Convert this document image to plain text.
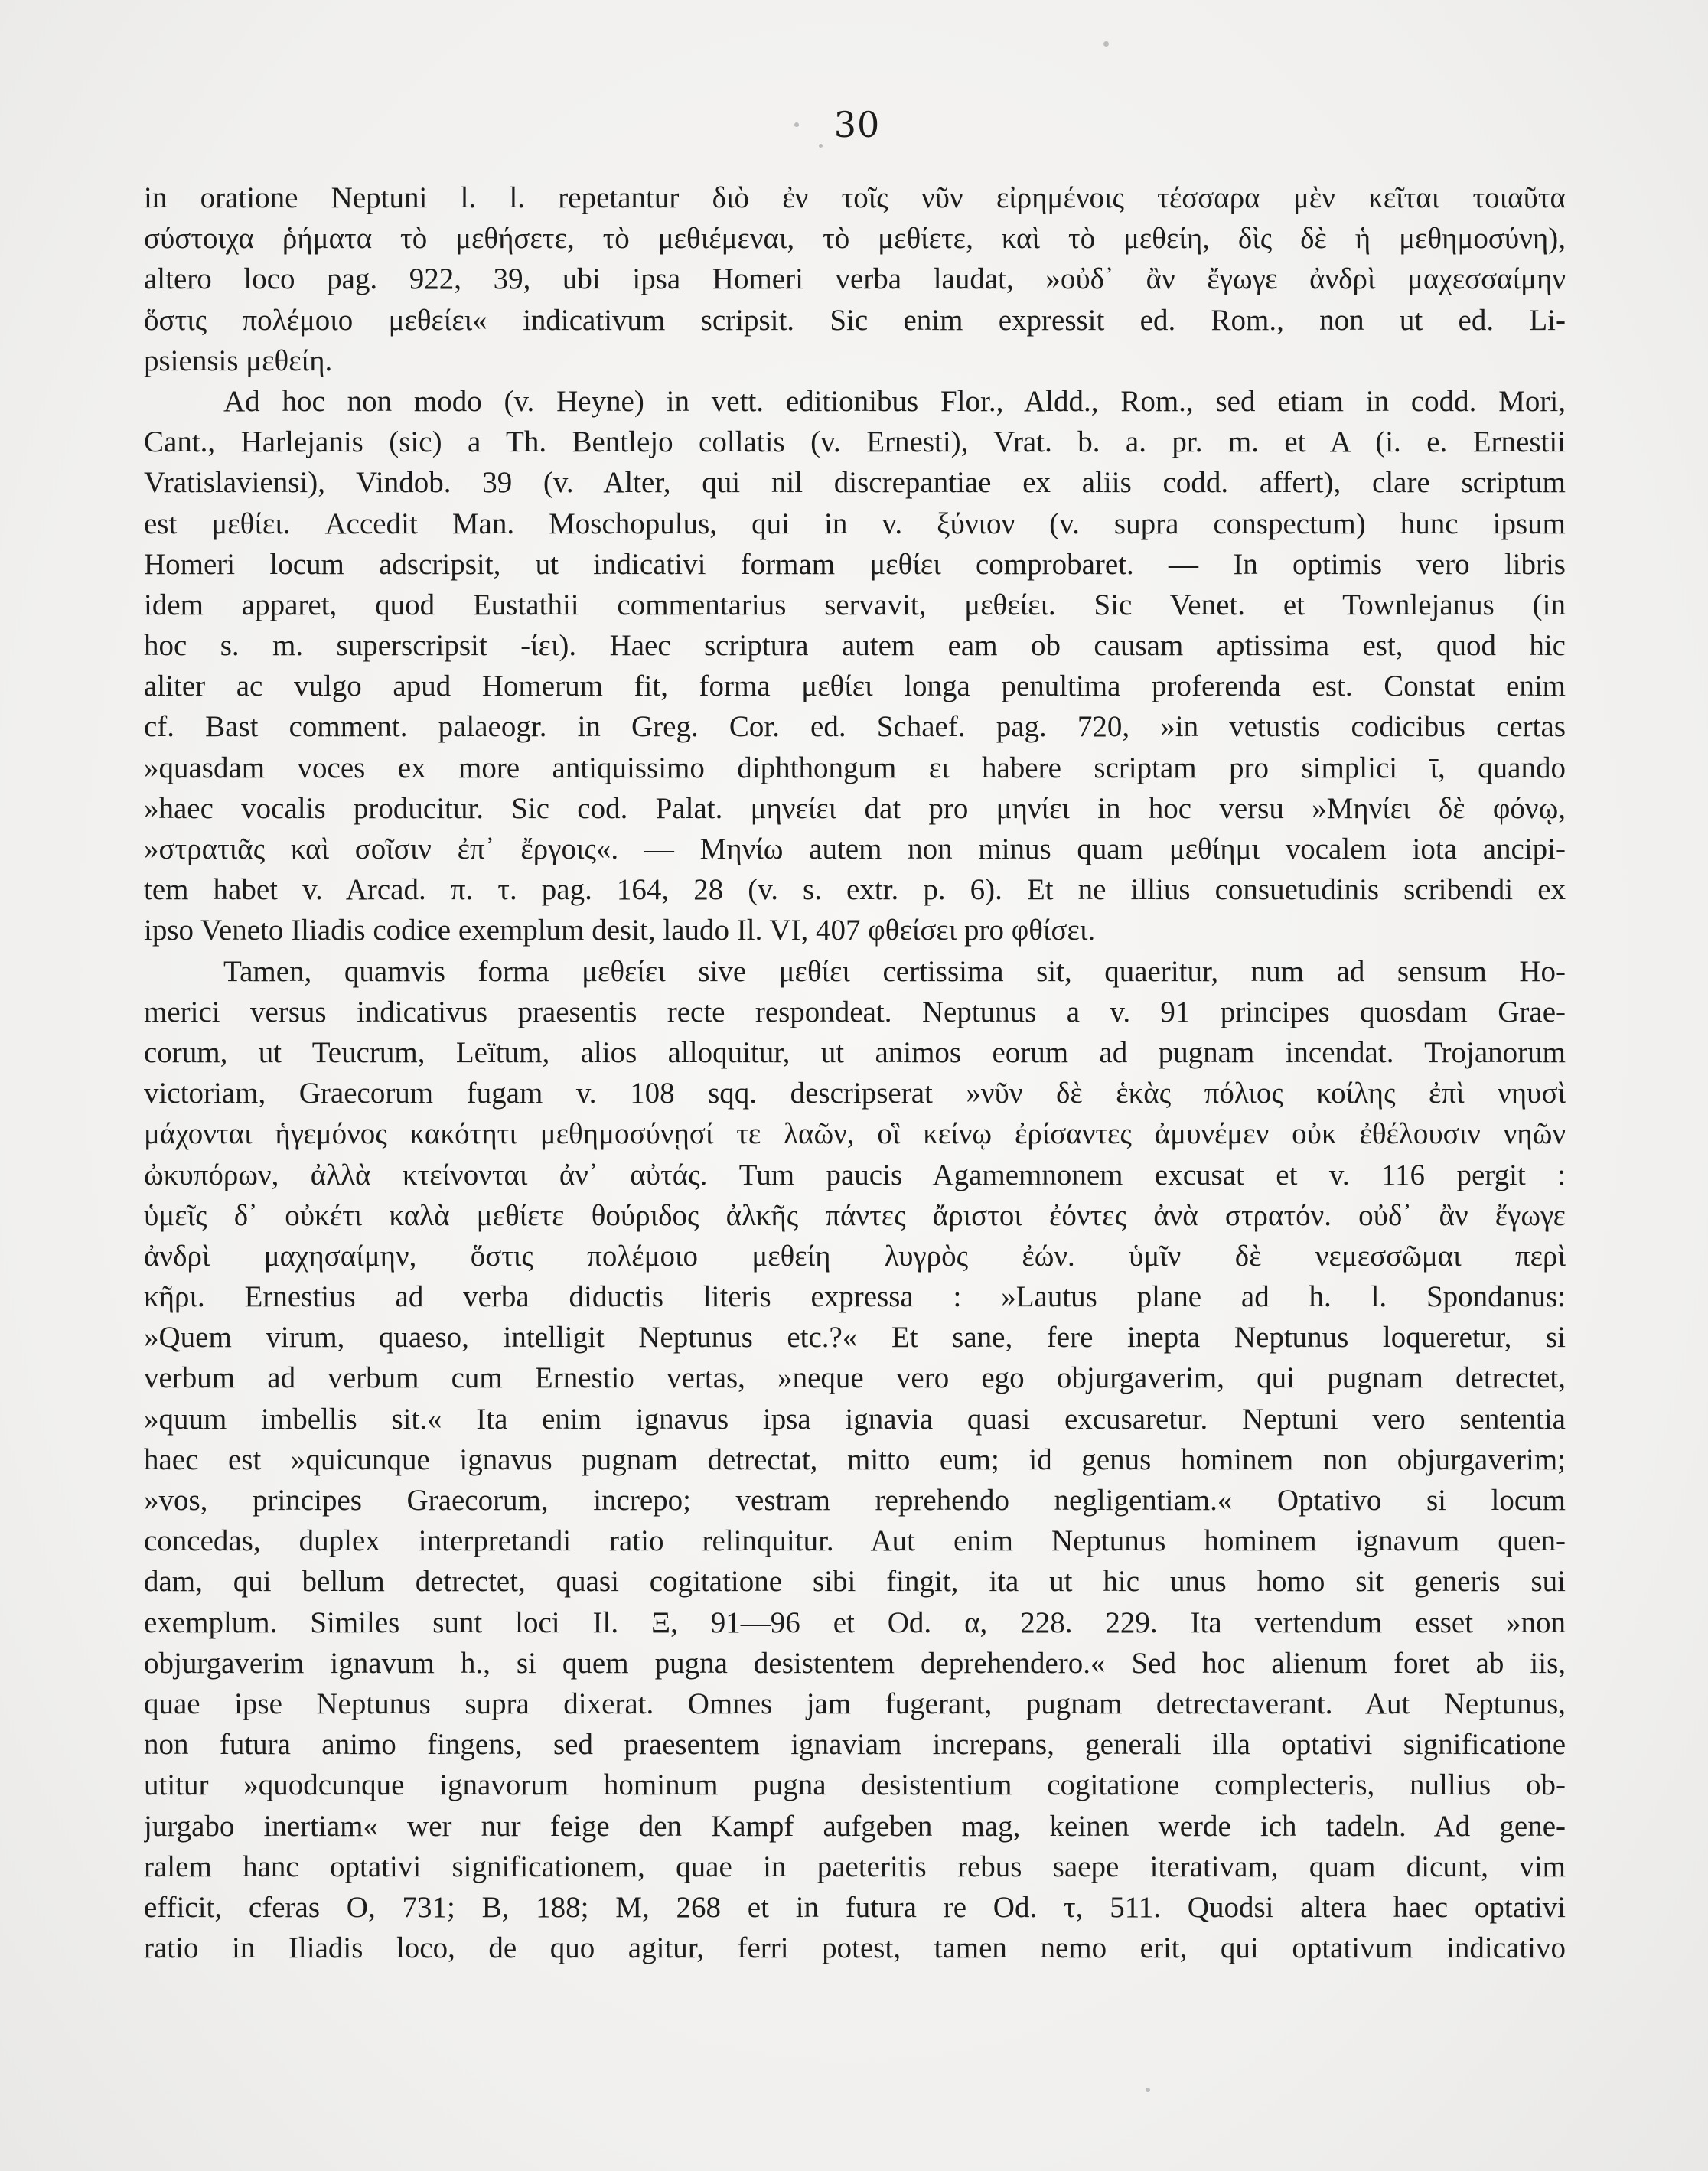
30
in oratione Neptuni l. l. repetantur διὸ ἐν τοῖς νῦν εἰρημένοις τέσσαρα μὲν κεῖται τοιαῦτα
σύστοιχα ῥήματα τὸ μεθήσετε, τὸ μεθιέμεναι, τὸ μεθίετε, καὶ τὸ μεθείη, δὶς δὲ ἡ μεθημοσύνη),
altero loco pag. 922, 39, ubi ipsa Homeri verba laudat, »οὐδ᾽ ἂν ἔγωγε ἀνδρὶ μαχεσσαίμην
ὅστις πολέμοιο μεθείει« indicativum scripsit. Sic enim expressit ed. Rom., non ut ed. Li-
psiensis μεθείη.
Ad hoc non modo (v. Heyne) in vett. editionibus Flor., Aldd., Rom., sed etiam in codd. Mori,
Cant., Harlejanis (sic) a Th. Bentlejo collatis (v. Ernesti), Vrat. b. a. pr. m. et A (i. e. Ernestii
Vratislaviensi), Vindob. 39 (v. Alter, qui nil discrepantiae ex aliis codd. affert), clare scriptum
est μεθίει. Accedit Man. Moschopulus, qui in v. ξύνιον (v. supra conspectum) hunc ipsum
Homeri locum adscripsit, ut indicativi formam μεθίει comprobaret. — In optimis vero libris
idem apparet, quod Eustathii commentarius servavit, μεθείει. Sic Venet. et Townlejanus (in
hoc s. m. superscripsit -ίει). Haec scriptura autem eam ob causam aptissima est, quod hic
aliter ac vulgo apud Homerum fit, forma μεθίει longa penultima proferenda est. Constat enim
cf. Bast comment. palaeogr. in Greg. Cor. ed. Schaef. pag. 720, »in vetustis codicibus certas
»quasdam voces ex more antiquissimo diphthongum ει habere scriptam pro simplici ῑ, quando
»haec vocalis producitur. Sic cod. Palat. μηνείει dat pro μηνίει in hoc versu »Μηνίει δὲ φόνῳ,
»στρατιᾶς καὶ σοῖσιν ἐπ᾽ ἔργοις«. — Μηνίω autem non minus quam μεθίημι vocalem iota ancipi-
tem habet v. Arcad. π. τ. pag. 164, 28 (v. s. extr. p. 6). Et ne illius consuetudinis scribendi ex
ipso Veneto Iliadis codice exemplum desit, laudo Il. VI, 407 φθείσει pro φθίσει.
Tamen, quamvis forma μεθείει sive μεθίει certissima sit, quaeritur, num ad sensum Ho-
merici versus indicativus praesentis recte respondeat. Neptunus a v. 91 principes quosdam Grae-
corum, ut Teucrum, Leïtum, alios alloquitur, ut animos eorum ad pugnam incendat. Trojanorum
victoriam, Graecorum fugam v. 108 sqq. descripserat »νῦν δὲ ἑκὰς πόλιος κοίλης ἐπὶ νηυσὶ
μάχονται ἡγεμόνος κακότητι μεθημοσύνῃσί τε λαῶν, οἳ κείνῳ ἐρίσαντες ἀμυνέμεν οὐκ ἐθέλουσιν νηῶν
ὠκυπόρων, ἀλλὰ κτείνονται ἀν᾽ αὐτάς. Tum paucis Agamemnonem excusat et v. 116 pergit :
ὑμεῖς δ᾽ οὐκέτι καλὰ μεθίετε θούριδος ἀλκῆς πάντες ἄριστοι ἐόντες ἀνὰ στρατόν. οὐδ᾽ ἂν ἔγωγε
ἀνδρὶ μαχησαίμην, ὅστις πολέμοιο μεθείη λυγρὸς ἐών. ὑμῖν δὲ νεμεσσῶμαι περὶ
κῆρι. Ernestius ad verba diductis literis expressa : »Lautus plane ad h. l. Spondanus:
»Quem virum, quaeso, intelligit Neptunus etc.?« Et sane, fere inepta Neptunus loqueretur, si
verbum ad verbum cum Ernestio vertas, »neque vero ego objurgaverim, qui pugnam detrectet,
»quum imbellis sit.« Ita enim ignavus ipsa ignavia quasi excusaretur. Neptuni vero sententia
haec est »quicunque ignavus pugnam detrectat, mitto eum; id genus hominem non objurgaverim;
»vos, principes Graecorum, increpo; vestram reprehendo negligentiam.« Optativo si locum
concedas, duplex interpretandi ratio relinquitur. Aut enim Neptunus hominem ignavum quen-
dam, qui bellum detrectet, quasi cogitatione sibi fingit, ita ut hic unus homo sit generis sui
exemplum. Similes sunt loci Il. Ξ, 91—96 et Od. α, 228. 229. Ita vertendum esset »non
objurgaverim ignavum h., si quem pugna desistentem deprehendero.« Sed hoc alienum foret ab iis,
quae ipse Neptunus supra dixerat. Omnes jam fugerant, pugnam detrectaverant. Aut Neptunus,
non futura animo fingens, sed praesentem ignaviam increpans, generali illa optativi significatione
utitur »quodcunque ignavorum hominum pugna desistentium cogitatione complecteris, nullius ob-
jurgabo inertiam« wer nur feige den Kampf aufgeben mag, keinen werde ich tadeln. Ad gene-
ralem hanc optativi significationem, quae in paeteritis rebus saepe iterativam, quam dicunt, vim
efficit, cferas O, 731; B, 188; M, 268 et in futura re Od. τ, 511. Quodsi altera haec optativi
ratio in Iliadis loco, de quo agitur, ferri potest, tamen nemo erit, qui optativum indicativo
